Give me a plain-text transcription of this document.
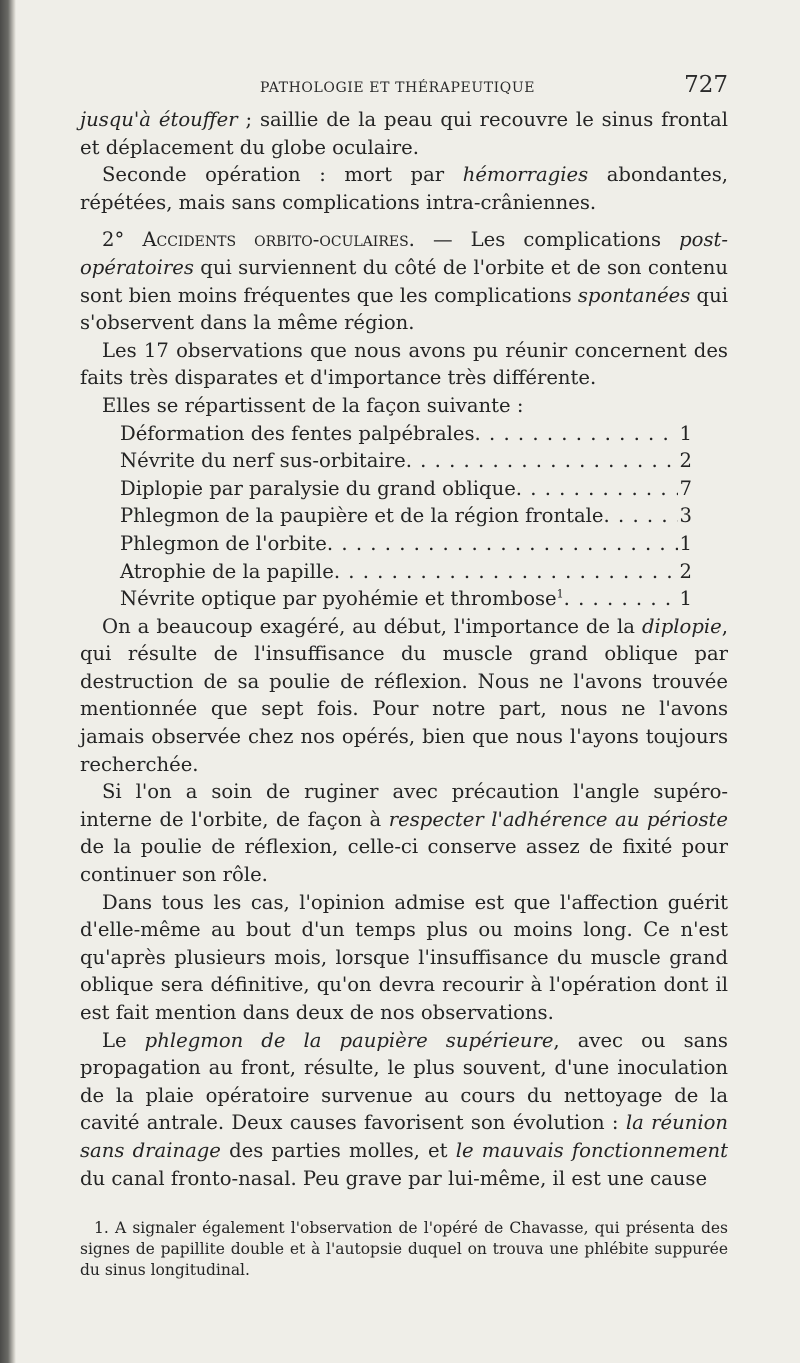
PATHOLOGIE ET THÉRAPEUTIQUE	727

jusqu'à étouffer ; saillie de la peau qui recouvre le sinus frontal et déplacement du globe oculaire.

Seconde opération : mort par hémorragies abondantes, répétées, mais sans complications intra-crâniennes.

2° Accidents orbito-oculaires. — Les complications post-opératoires qui surviennent du côté de l'orbite et de son contenu sont bien moins fréquentes que les complications spontanées qui s'observent dans la même région.

Les 17 observations que nous avons pu réunir concernent des faits très disparates et d'importance très différente.

Elles se répartissent de la façon suivante :

Déformation des fentes palpébrales . . .	1
Névrite du nerf sus-orbitaire . . .	2
Diplopie par paralysie du grand oblique . . .	7
Phlegmon de la paupière et de la région frontale . . .	3
Phlegmon de l'orbite . . .	1
Atrophie de la papille . . .	2
Névrite optique par pyohémie et thrombose$^1$ . . .	1

On a beaucoup exagéré, au début, l'importance de la diplopie, qui résulte de l'insuffisance du muscle grand oblique par destruction de sa poulie de réflexion. Nous ne l'avons trouvée mentionnée que sept fois. Pour notre part, nous ne l'avons jamais observée chez nos opérés, bien que nous l'ayons toujours recherchée.

Si l'on a soin de ruginer avec précaution l'angle supéro-interne de l'orbite, de façon à respecter l'adhérence au périoste de la poulie de réflexion, celle-ci conserve assez de fixité pour continuer son rôle.

Dans tous les cas, l'opinion admise est que l'affection guérit d'elle-même au bout d'un temps plus ou moins long. Ce n'est qu'après plusieurs mois, lorsque l'insuffisance du muscle grand oblique sera définitive, qu'on devra recourir à l'opération dont il est fait mention dans deux de nos observations.

Le phlegmon de la paupière supérieure, avec ou sans propagation au front, résulte, le plus souvent, d'une inoculation de la plaie opératoire survenue au cours du nettoyage de la cavité antrale. Deux causes favorisent son évolution : la réunion sans drainage des parties molles, et le mauvais fonctionnement du canal fronto-nasal. Peu grave par lui-même, il est une cause

1. A signaler également l'observation de l'opéré de Chavasse, qui présenta des signes de papillite double et à l'autopsie duquel on trouva une phlébite suppurée du sinus longitudinal.
